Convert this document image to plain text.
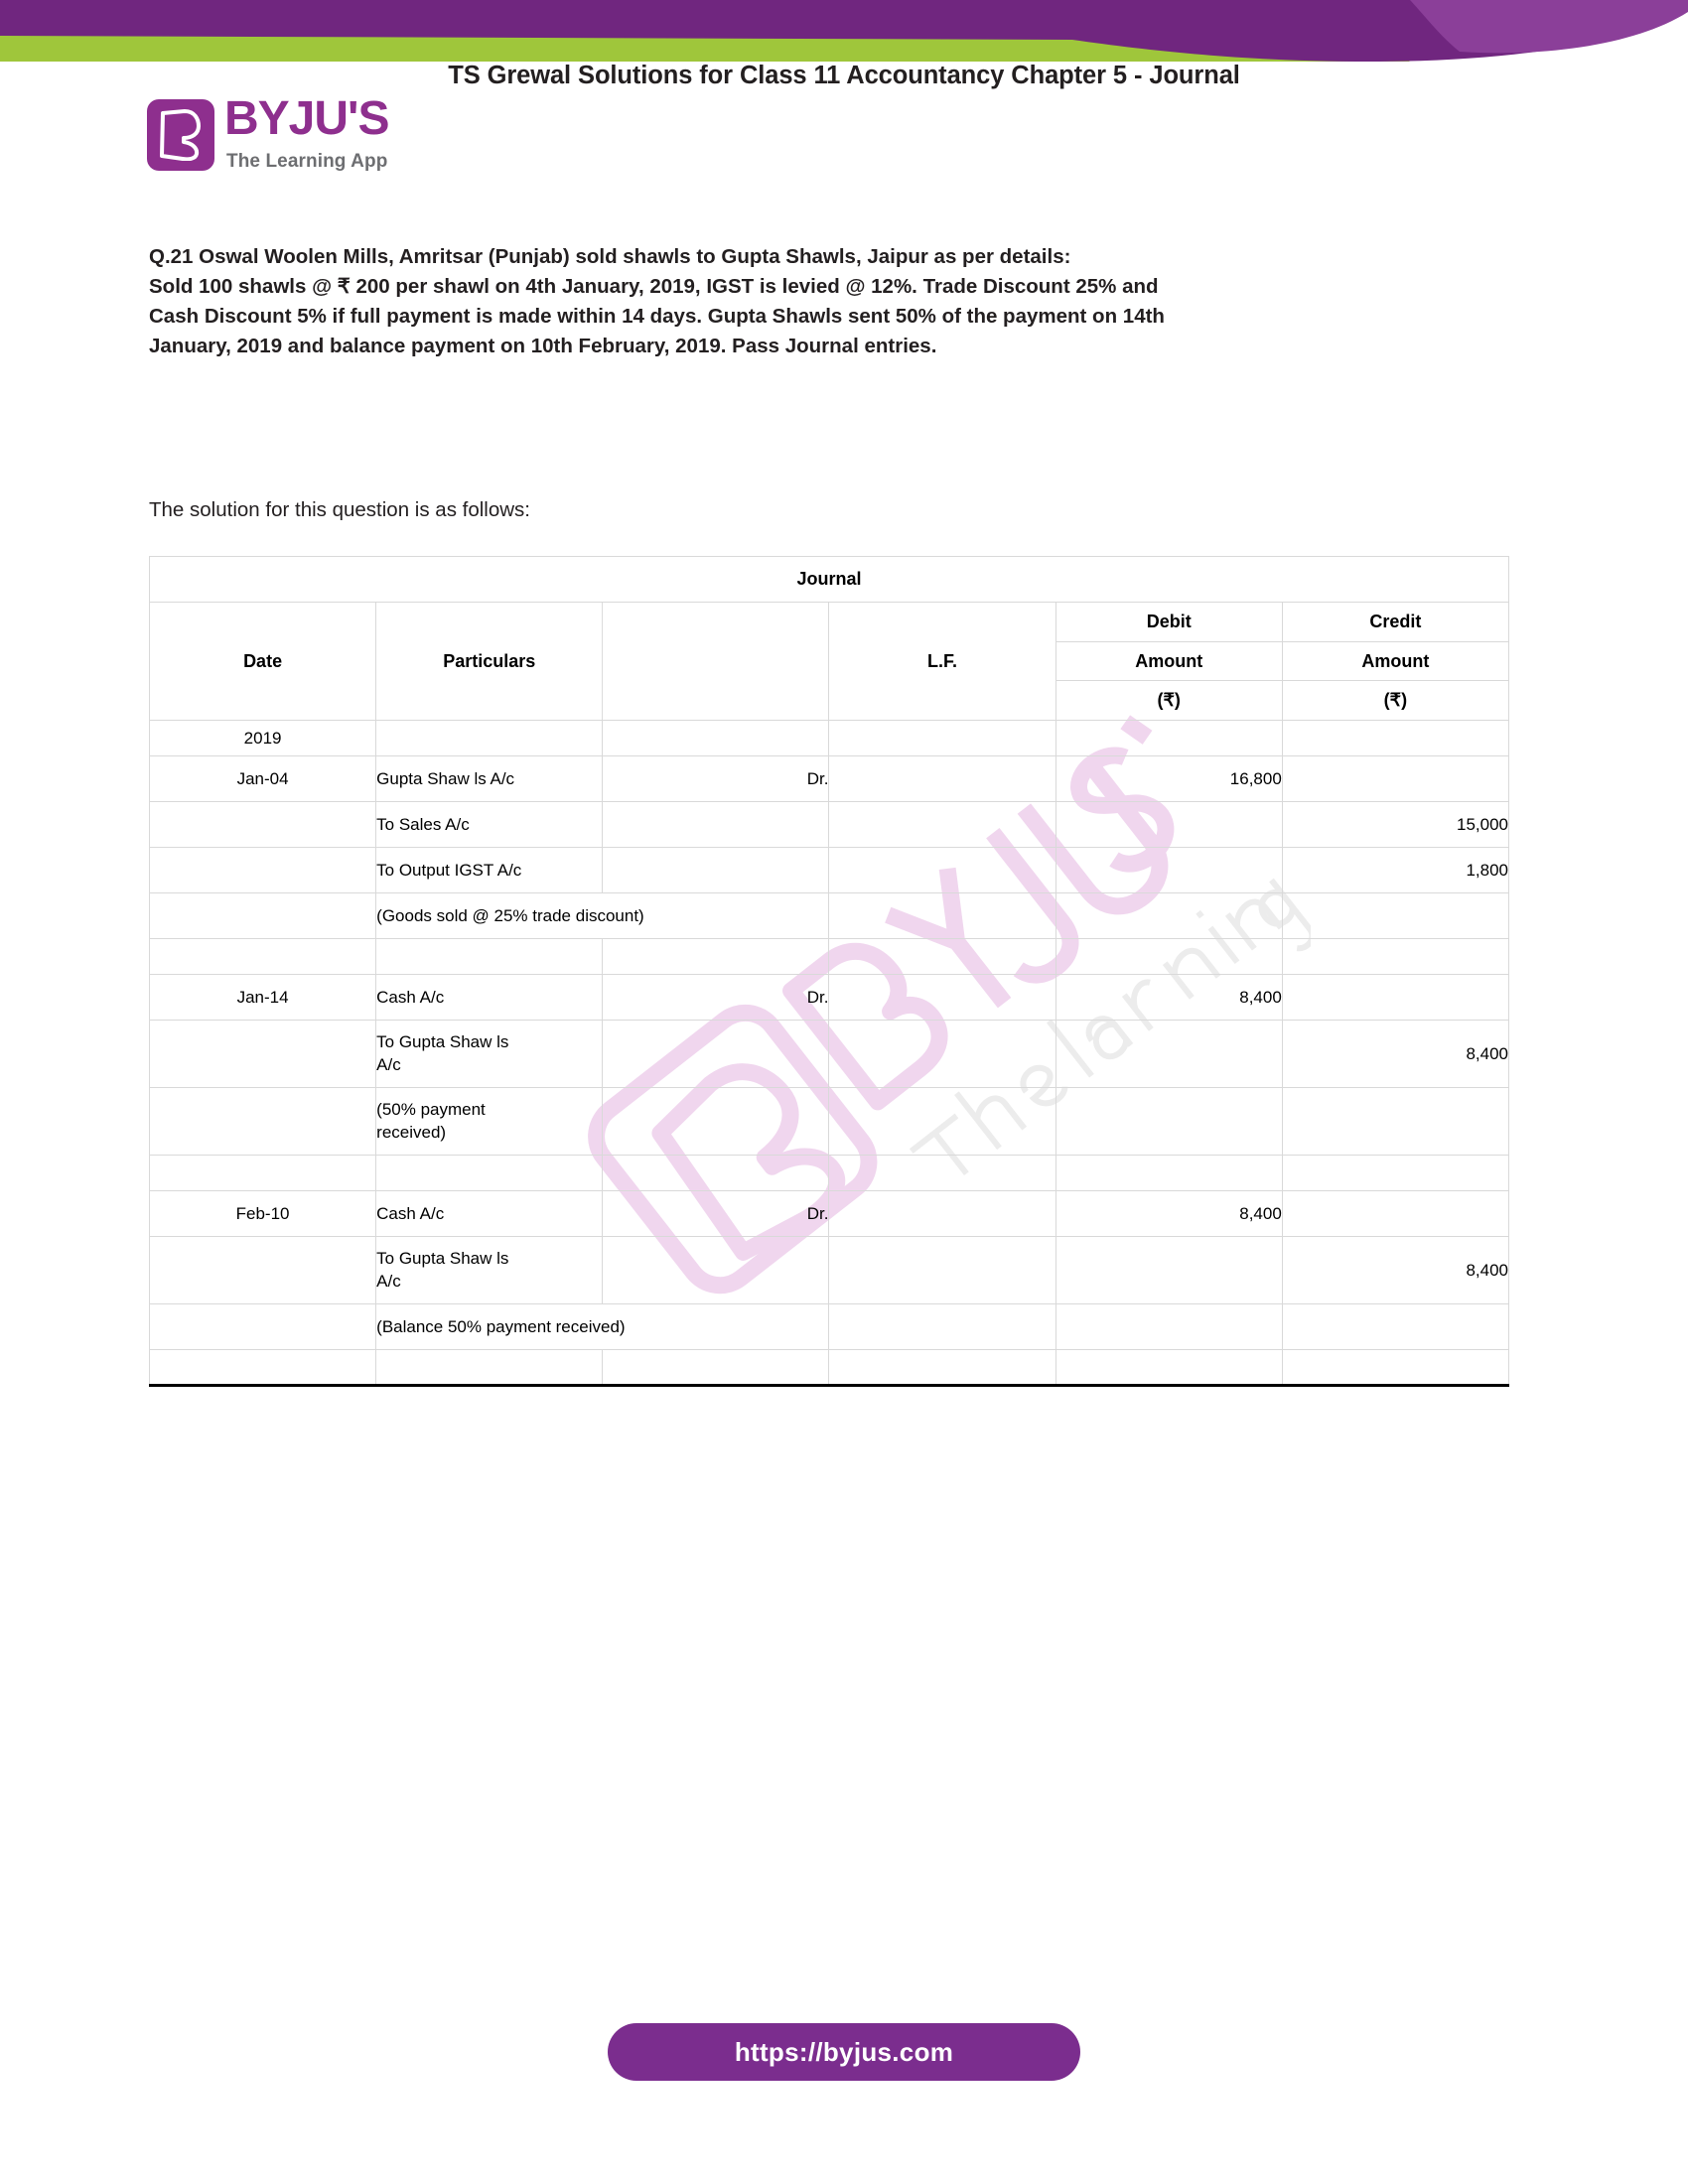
TS Grewal Solutions for Class 11 Accountancy Chapter 5 - Journal
BYJU'S
The Learning App

Q.21 Oswal Woolen Mills, Amritsar (Punjab) sold shawls to Gupta Shawls, Jaipur as per details:

Sold 100 shawls @ ₹ 200 per shawl on 4th January, 2019, IGST is levied @ 12%. Trade Discount 25% and

Cash Discount 5% if full payment is made within 14 days. Gupta Shawls sent 50% of the payment on 14th

January, 2019 and balance payment on 10th February, 2019. Pass Journal entries.

The solution for this question is as follows:
Journal					
Date	Particulars		L.F.	Debit
Amount
(₹)	Credit
Amount
(₹)

2019					
Jan-04	Gupta Shaw ls A/c	Dr.		16,800	
	To Sales A/c				15,000
	To Output IGST A/c				1,800
	(Goods sold @ 25% trade discount)				

Jan-14	Cash A/c	Dr.		8,400	
	To Gupta Shaw ls
A/c				8,400
	(50% payment
received)				

Feb-10	Cash A/c	Dr.		8,400	
	To Gupta Shaw ls
A/c				8,400
	(Balance 50% payment received)				

https://byjus.com
